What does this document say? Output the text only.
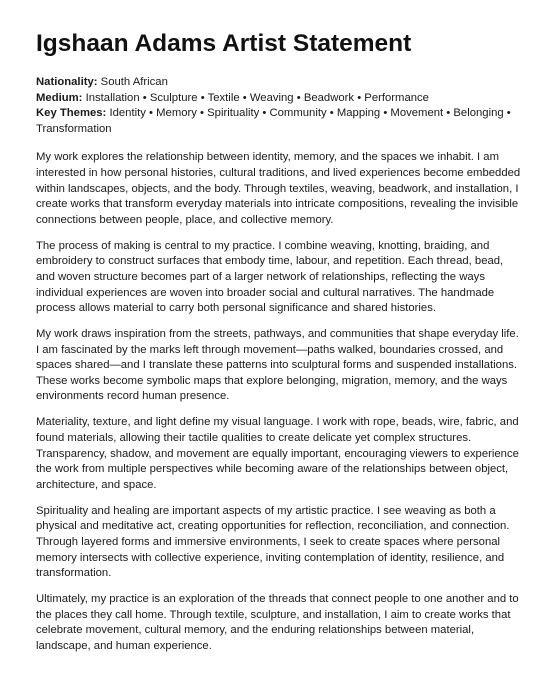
Igshaan Adams Artist Statement

Nationality: South African

Medium: Installation • Sculpture • Textile • Weaving • Beadwork • Performance

Key Themes: Identity • Memory • Spirituality • Community • Mapping • Movement • Belonging • Transformation

My work explores the relationship between identity, memory, and the spaces we inhabit. I am interested in how personal histories, cultural traditions, and lived experiences become embedded within landscapes, objects, and the body. Through textiles, weaving, beadwork, and installation, I create works that transform everyday materials into intricate compositions, revealing the invisible connections between people, place, and collective memory.

The process of making is central to my practice. I combine weaving, knotting, braiding, and embroidery to construct surfaces that embody time, labour, and repetition. Each thread, bead, and woven structure becomes part of a larger network of relationships, reflecting the ways individual experiences are woven into broader social and cultural narratives. The handmade process allows material to carry both personal significance and shared histories.

My work draws inspiration from the streets, pathways, and communities that shape everyday life. I am fascinated by the marks left through movement—paths walked, boundaries crossed, and spaces shared—and I translate these patterns into sculptural forms and suspended installations. These works become symbolic maps that explore belonging, migration, memory, and the ways environments record human presence.

Materiality, texture, and light define my visual language. I work with rope, beads, wire, fabric, and found materials, allowing their tactile qualities to create delicate yet complex structures. Transparency, shadow, and movement are equally important, encouraging viewers to experience the work from multiple perspectives while becoming aware of the relationships between object, architecture, and space.

Spirituality and healing are important aspects of my artistic practice. I see weaving as both a physical and meditative act, creating opportunities for reflection, reconciliation, and connection. Through layered forms and immersive environments, I seek to create spaces where personal memory intersects with collective experience, inviting contemplation of identity, resilience, and transformation.

Ultimately, my practice is an exploration of the threads that connect people to one another and to the places they call home. Through textile, sculpture, and installation, I aim to create works that celebrate movement, cultural memory, and the enduring relationships between material, landscape, and human experience.
